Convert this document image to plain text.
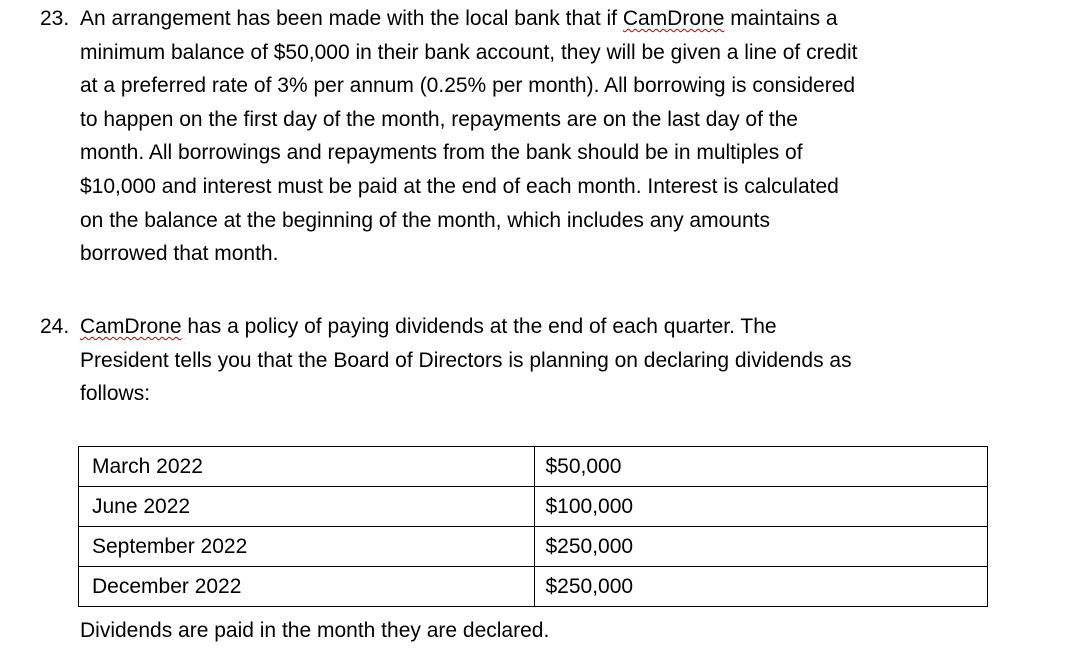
23. An arrangement has been made with the local bank that if CamDrone maintains a
minimum balance of $50,000 in their bank account, they will be given a line of credit
at a preferred rate of 3% per annum (0.25% per month). All borrowing is considered
to happen on the first day of the month, repayments are on the last day of the
month. All borrowings and repayments from the bank should be in multiples of
$10,000 and interest must be paid at the end of each month. Interest is calculated
on the balance at the beginning of the month, which includes any amounts
borrowed that month.
24. CamDrone has a policy of paying dividends at the end of each quarter. The
President tells you that the Board of Directors is planning on declaring dividends as
follows:
March 2022	$50,000
June 2022	$100,000
September 2022	$250,000
December 2022	$250,000
Dividends are paid in the month they are declared.
